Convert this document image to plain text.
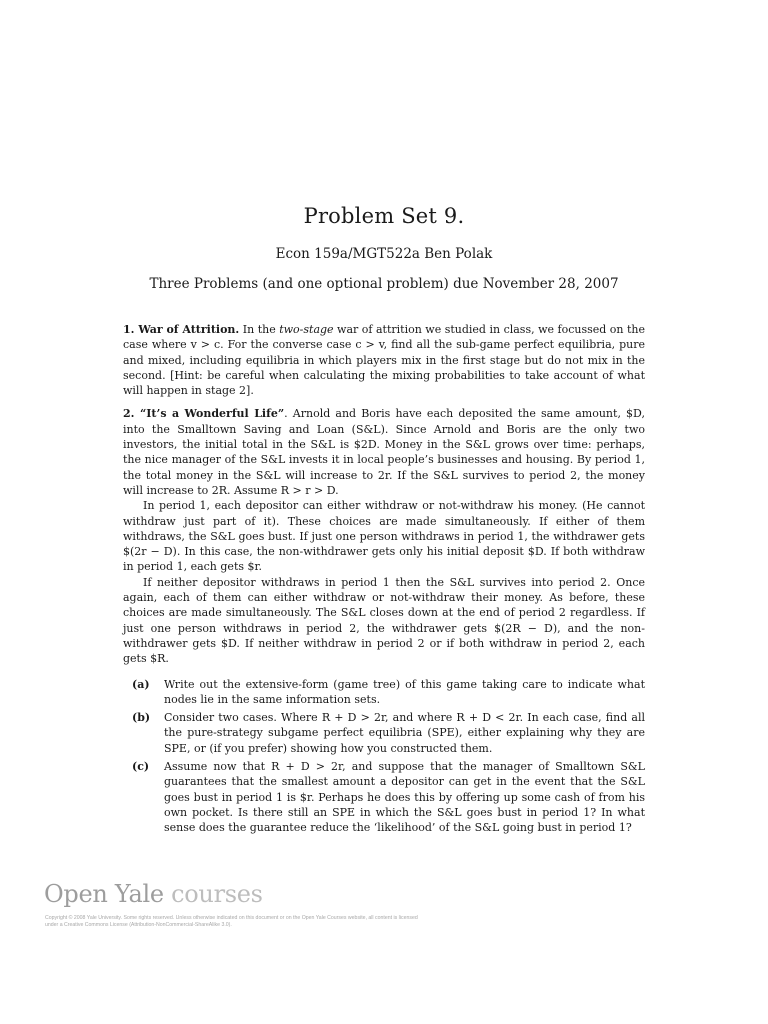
Problem Set 9.
Econ 159a/MGT522a Ben Polak
Three Problems (and one optional problem) due November 28, 2007

1. War of Attrition. In the two-stage war of attrition we studied in class, we focussed on the case where v > c. For the converse case c > v, find all the sub-game perfect equilibria, pure and mixed, including equilibria in which players mix in the first stage but do not mix in the second. [Hint: be careful when calculating the mixing probabilities to take account of what will happen in stage 2].

2. “It’s a Wonderful Life”. Arnold and Boris have each deposited the same amount, $D, into the Smalltown Saving and Loan (S&L). Since Arnold and Boris are the only two investors, the initial total in the S&L is $2D. Money in the S&L grows over time: perhaps, the nice manager of the S&L invests it in local people’s businesses and housing. By period 1, the total money in the S&L will increase to 2r. If the S&L survives to period 2, the money will increase to 2R. Assume R > r > D.

In period 1, each depositor can either withdraw or not-withdraw his money. (He cannot withdraw just part of it). These choices are made simultaneously. If either of them withdraws, the S&L goes bust. If just one person withdraws in period 1, the withdrawer gets $(2r − D). In this case, the non-withdrawer gets only his initial deposit $D. If both withdraw in period 1, each gets $r.

If neither depositor withdraws in period 1 then the S&L survives into period 2. Once again, each of them can either withdraw or not-withdraw their money. As before, these choices are made simultaneously. The S&L closes down at the end of period 2 regardless. If just one person withdraws in period 2, the withdrawer gets $(2R − D), and the non-withdrawer gets $D. If neither withdraw in period 2 or if both withdraw in period 2, each gets $R.

(a)	Write out the extensive-form (game tree) of this game taking care to indicate what nodes lie in the same information sets.
(b)	Consider two cases. Where R + D > 2r, and where R + D < 2r. In each case, find all the pure-strategy subgame perfect equilibria (SPE), either explaining why they are SPE, or (if you prefer) showing how you constructed them.
(c)	Assume now that R + D > 2r, and suppose that the manager of Smalltown S&L guarantees that the smallest amount a depositor can get in the event that the S&L goes bust in period 1 is $r. Perhaps he does this by offering up some cash of from his own pocket. Is there still an SPE in which the S&L goes bust in period 1? In what sense does the guarantee reduce the ‘likelihood’ of the S&L going bust in period 1?
Open Yale courses
Copyright © 2008 Yale University. Some rights reserved. Unless otherwise indicated on this document or on the Open Yale Courses website, all content is licensed under a Creative Commons License (Attribution-NonCommercial-ShareAlike 3.0).
